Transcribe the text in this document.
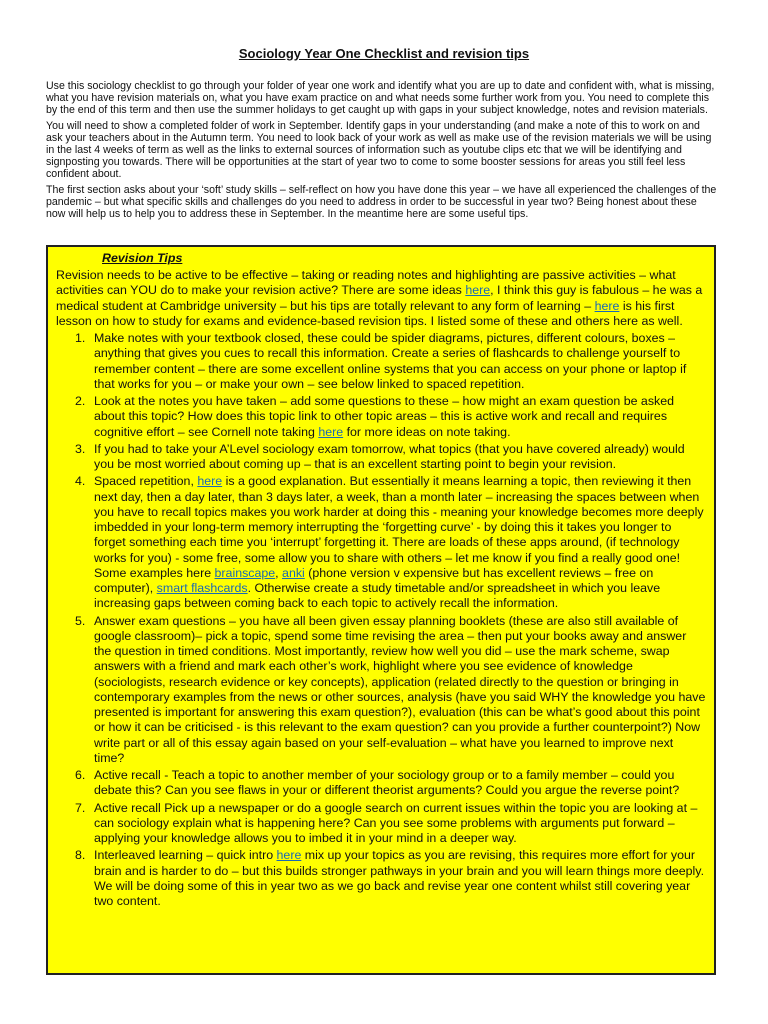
Sociology Year One Checklist and revision tips

Use this sociology checklist to go through your folder of year one work and identify what you are up to date and confident with, what is missing, what you have revision materials on, what you have exam practice on and what needs some further work from you. You need to complete this by the end of this term and then use the summer holidays to get caught up with gaps in your subject knowledge, notes and revision materials.

You will need to show a completed folder of work in September. Identify gaps in your understanding (and make a note of this to work on and ask your teachers about in the Autumn term. You need to look back of your work as well as make use of the revision materials we will be using in the last 4 weeks of term as well as the links to external sources of information such as youtube clips etc that we will be identifying and signposting you towards. There will be opportunities at the start of year two to come to some booster sessions for areas you still feel less confident about.

The first section asks about your ‘soft’ study skills – self-reflect on how you have done this year – we have all experienced the challenges of the pandemic – but what specific skills and challenges do you need to address in order to be successful in year two? Being honest about these now will help us to help you to address these in September. In the meantime here are some useful tips.

Revision Tips
Revision needs to be active to be effective – taking or reading notes and highlighting are passive activities – what activities can YOU do to make your revision active? There are some ideas here, I think this guy is fabulous – he was a medical student at Cambridge university – but his tips are totally relevant to any form of learning – here is his first lesson on how to study for exams and evidence-based revision tips. I listed some of these and others here as well.
1. Make notes with your textbook closed, these could be spider diagrams, pictures, different colours, boxes – anything that gives you cues to recall this information. Create a series of flashcards to challenge yourself to remember content – there are some excellent online systems that you can access on your phone or laptop if that works for you – or make your own – see below linked to spaced repetition.
2. Look at the notes you have taken – add some questions to these – how might an exam question be asked about this topic? How does this topic link to other topic areas – this is active work and recall and requires cognitive effort – see Cornell note taking here for more ideas on note taking.
3. If you had to take your A’Level sociology exam tomorrow, what topics (that you have covered already) would you be most worried about coming up – that is an excellent starting point to begin your revision.
4. Spaced repetition, here is a good explanation. But essentially it means learning a topic, then reviewing it then next day, then a day later, than 3 days later, a week, than a month later – increasing the spaces between when you have to recall topics makes you work harder at doing this - meaning your knowledge becomes more deeply imbedded in your long-term memory interrupting the ‘forgetting curve’ - by doing this it takes you longer to forget something each time you ‘interrupt’ forgetting it. There are loads of these apps around, (if technology works for you) - some free, some allow you to share with others – let me know if you find a really good one! Some examples here brainscape, anki (phone version v expensive but has excellent reviews – free on computer), smart flashcards. Otherwise create a study timetable and/or spreadsheet in which you leave increasing gaps between coming back to each topic to actively recall the information.
5. Answer exam questions – you have all been given essay planning booklets (these are also still available of google classroom)– pick a topic, spend some time revising the area – then put your books away and answer the question in timed conditions. Most importantly, review how well you did – use the mark scheme, swap answers with a friend and mark each other’s work, highlight where you see evidence of knowledge (sociologists, research evidence or key concepts), application (related directly to the question or bringing in contemporary examples from the news or other sources, analysis (have you said WHY the knowledge you have presented is important for answering this exam question?), evaluation (this can be what’s good about this point or how it can be criticised - is this relevant to the exam question? can you provide a further counterpoint?) Now write part or all of this essay again based on your self-evaluation – what have you learned to improve next time?
6. Active recall - Teach a topic to another member of your sociology group or to a family member – could you debate this? Can you see flaws in your or different theorist arguments? Could you argue the reverse point?
7. Active recall Pick up a newspaper or do a google search on current issues within the topic you are looking at – can sociology explain what is happening here? Can you see some problems with arguments put forward – applying your knowledge allows you to imbed it in your mind in a deeper way.
8. Interleaved learning – quick intro here mix up your topics as you are revising, this requires more effort for your brain and is harder to do – but this builds stronger pathways in your brain and you will learn things more deeply. We will be doing some of this in year two as we go back and revise year one content whilst still covering year two content.
